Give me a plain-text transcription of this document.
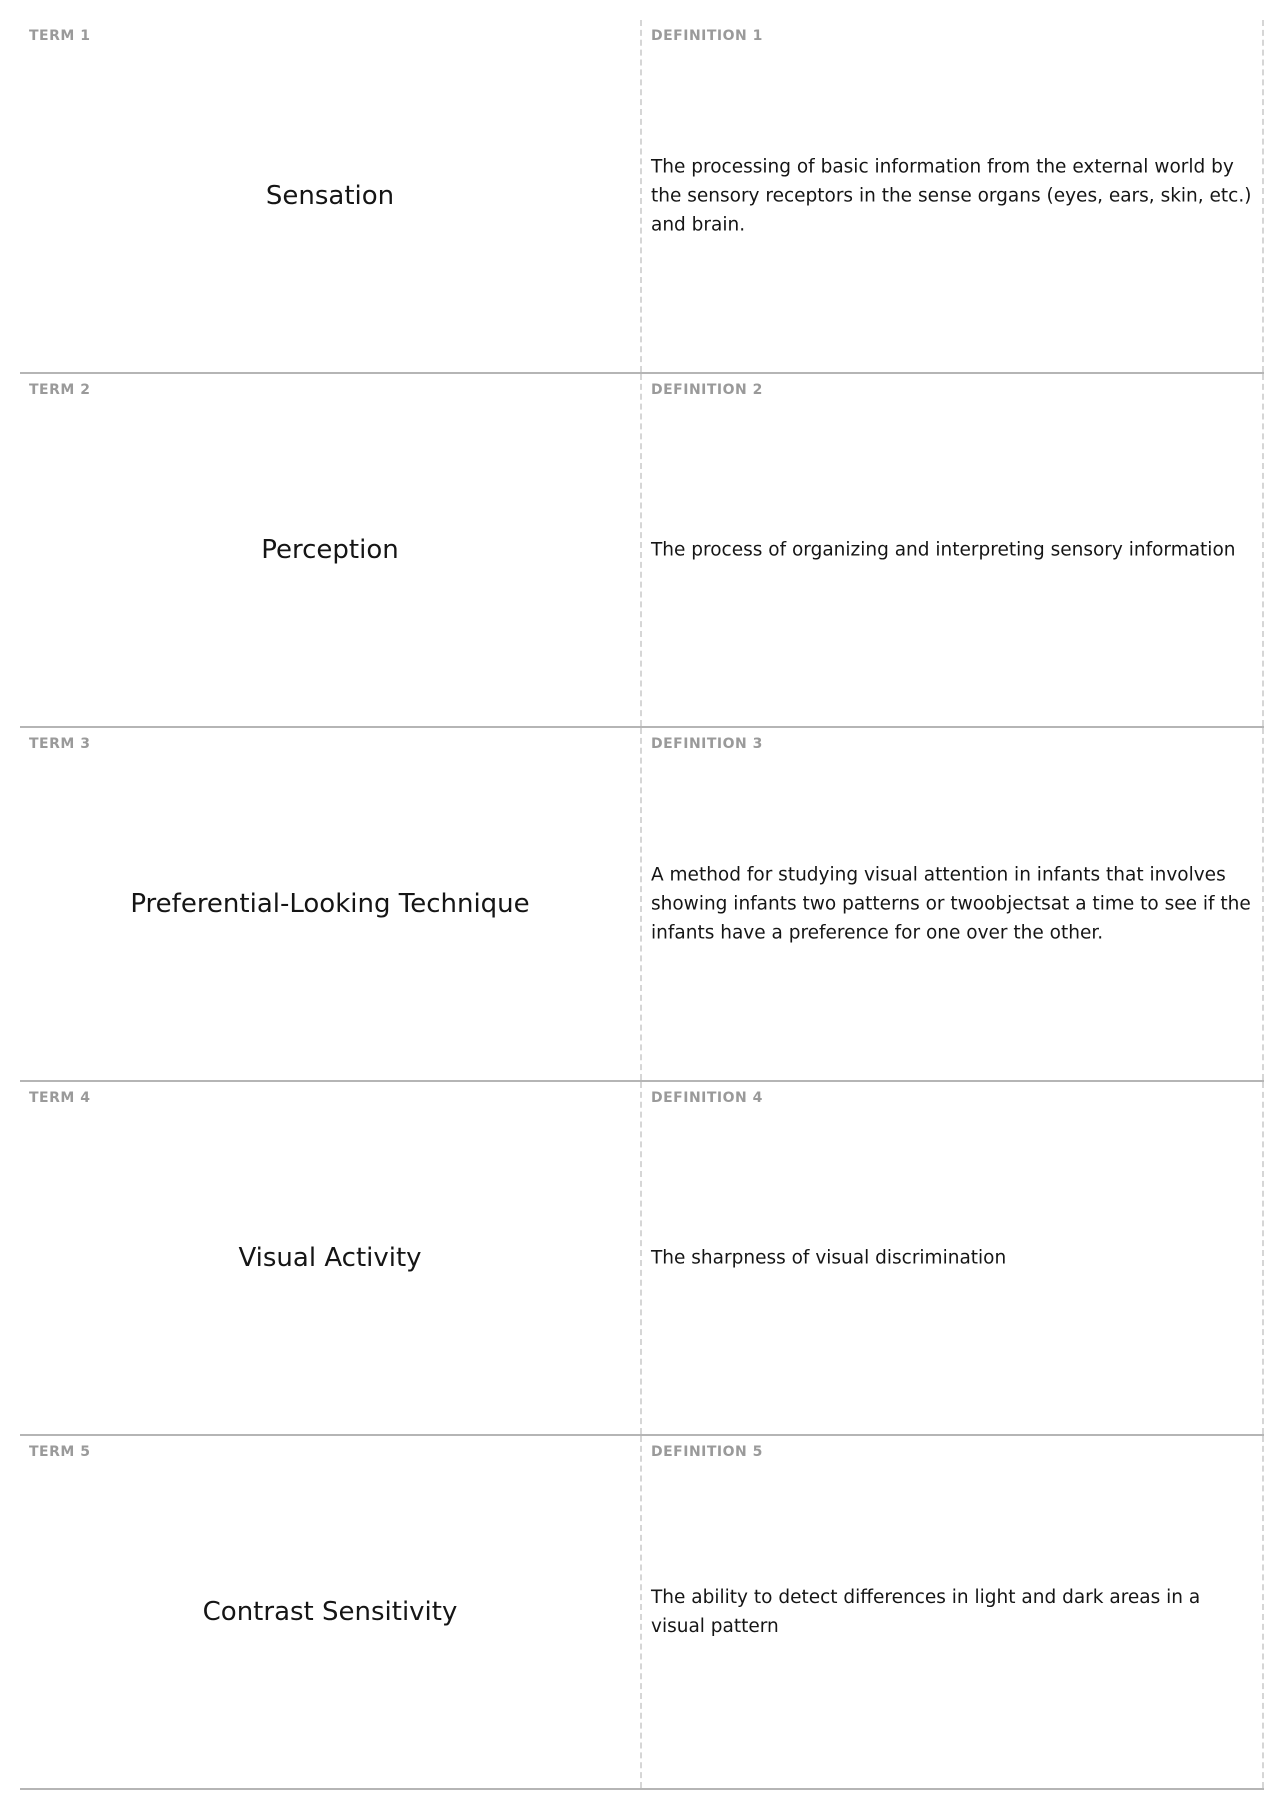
TERM 1
Sensation
DEFINITION 1
The processing of basic information from the external world by the sensory receptors in the sense organs (eyes, ears, skin, etc.) and brain.
TERM 2
Perception
DEFINITION 2
The process of organizing and interpreting sensory information
TERM 3
Preferential-Looking Technique
DEFINITION 3
A method for studying visual attention in infants that involves showing infants two patterns or twoobjectsat a time to see if the infants have a preference for one over the other.
TERM 4
Visual Activity
DEFINITION 4
The sharpness of visual discrimination
TERM 5
Contrast Sensitivity
DEFINITION 5
The ability to detect differences in light and dark areas in a visual pattern
